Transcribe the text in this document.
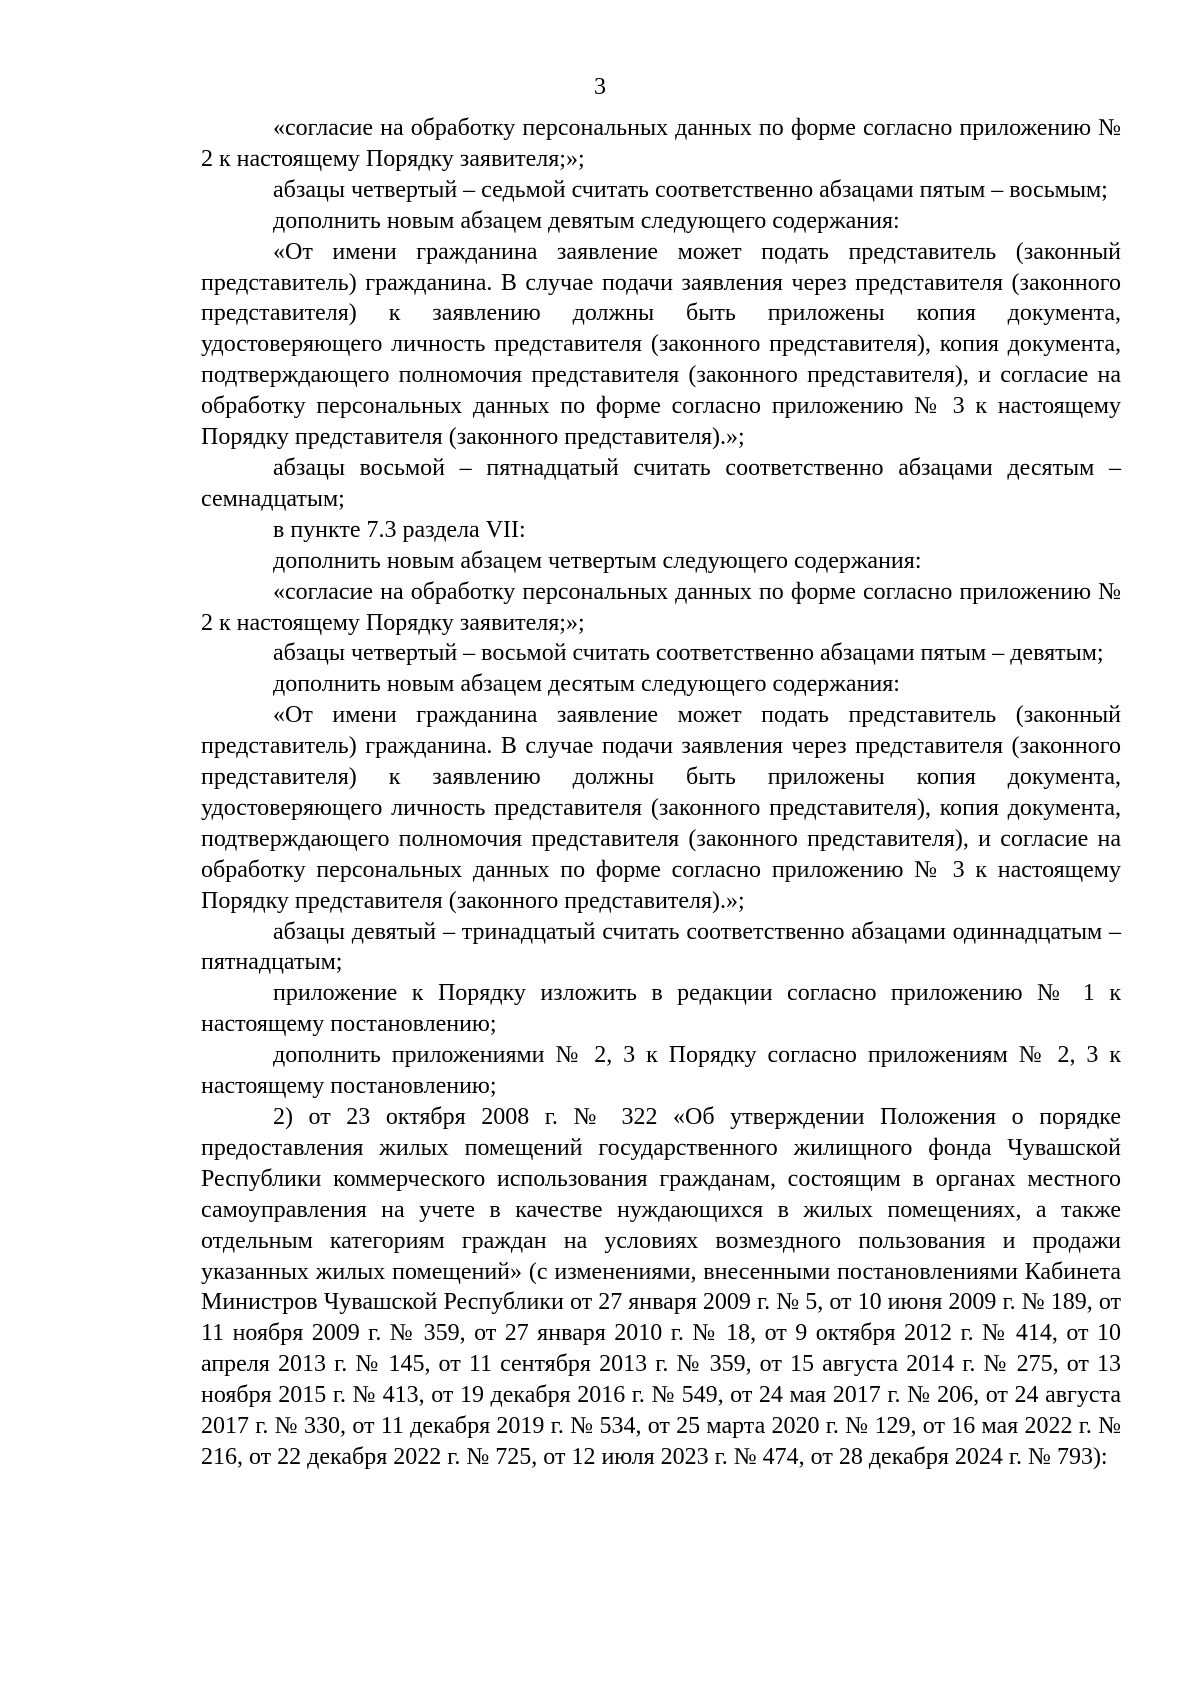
3

«согласие на обработку персональных данных по форме согласно приложению № 2 к настоящему Порядку заявителя;»;

абзацы четвертый – седьмой считать соответственно абзацами пятым – восьмым;

дополнить новым абзацем девятым следующего содержания:

«От имени гражданина заявление может подать представитель (законный представитель) гражданина. В случае подачи заявления через представителя (законного представителя) к заявлению должны быть приложены копия документа, удостоверяющего личность представителя (законного представителя), копия документа, подтверждающего полномочия представителя (законного представителя), и согласие на обработку персональных данных по форме согласно приложению № 3 к настоящему Порядку представителя (законного представителя).»;

абзацы восьмой – пятнадцатый считать соответственно абзацами десятым – семнадцатым;

в пункте 7.3 раздела VII:

дополнить новым абзацем четвертым следующего содержания:

«согласие на обработку персональных данных по форме согласно приложению № 2 к настоящему Порядку заявителя;»;

абзацы четвертый – восьмой считать соответственно абзацами пятым – девятым;

дополнить новым абзацем десятым следующего содержания:

«От имени гражданина заявление может подать представитель (законный представитель) гражданина. В случае подачи заявления через представителя (законного представителя) к заявлению должны быть приложены копия документа, удостоверяющего личность представителя (законного представителя), копия документа, подтверждающего полномочия представителя (законного представителя), и согласие на обработку персональных данных по форме согласно приложению № 3 к настоящему Порядку представителя (законного представителя).»;

абзацы девятый – тринадцатый считать соответственно абзацами одиннадцатым – пятнадцатым;

приложение к Порядку изложить в редакции согласно приложению № 1 к настоящему постановлению;

дополнить приложениями № 2, 3 к Порядку согласно приложениям № 2, 3 к настоящему постановлению;

2) от 23 октября 2008 г. № 322 «Об утверждении Положения о порядке предоставления жилых помещений государственного жилищного фонда Чувашской Республики коммерческого использования гражданам, состоящим в органах местного самоуправления на учете в качестве нуждающихся в жилых помещениях, а также отдельным категориям граждан на условиях возмездного пользования и продажи указанных жилых помещений» (с изменениями, внесенными постановлениями Кабинета Министров Чувашской Республики от 27 января 2009 г. № 5, от 10 июня 2009 г. № 189, от 11 ноября 2009 г. № 359, от 27 января 2010 г. № 18, от 9 октября 2012 г. № 414, от 10 апреля 2013 г. № 145, от 11 сентября 2013 г. № 359, от 15 августа 2014 г. № 275, от 13 ноября 2015 г. № 413, от 19 декабря 2016 г. № 549, от 24 мая 2017 г. № 206, от 24 августа 2017 г. № 330, от 11 декабря 2019 г. № 534, от 25 марта 2020 г. № 129, от 16 мая 2022 г. № 216, от 22 декабря 2022 г. № 725, от 12 июля 2023 г. № 474, от 28 декабря 2024 г. № 793):
